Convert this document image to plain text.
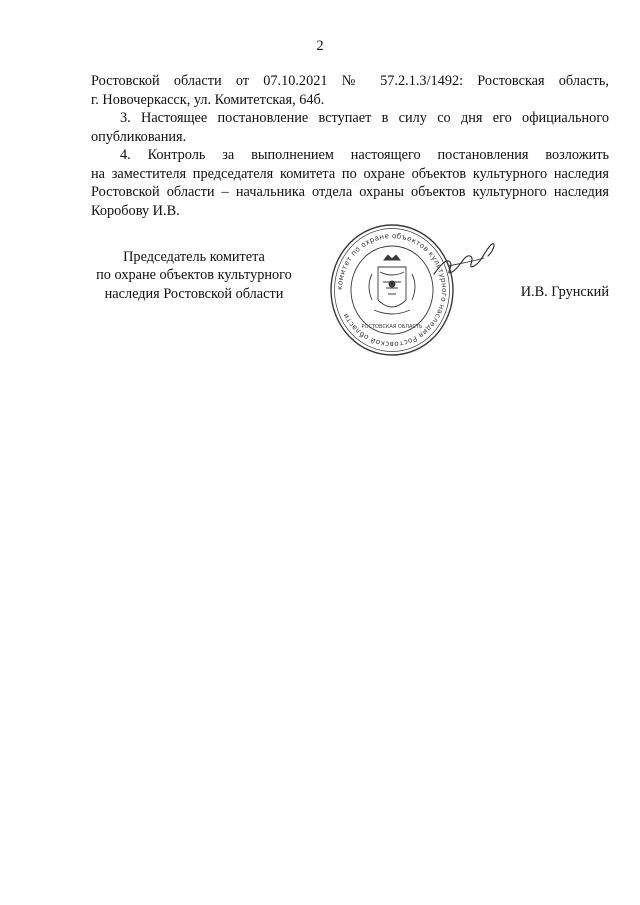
2
Ростовской области от 07.10.2021 № 57.2.1.3/1492: Ростовская область,
г. Новочеркасск, ул. Комитетская, 64б.
3. Настоящее постановление вступает в силу со дня его официального
опубликования.
4. Контроль за выполнением настоящего постановления возложить
на заместителя председателя комитета по охране объектов культурного наследия
Ростовской области – начальника отдела охраны объектов культурного наследия
Коробову И.В.
Председатель комитета
по охране объектов культурного
наследия Ростовской области	комитет по охране объектов культурного наследия Ростовской области
РОСТОВСКАЯ ОБЛАСТЬ
И.В. Грунский
